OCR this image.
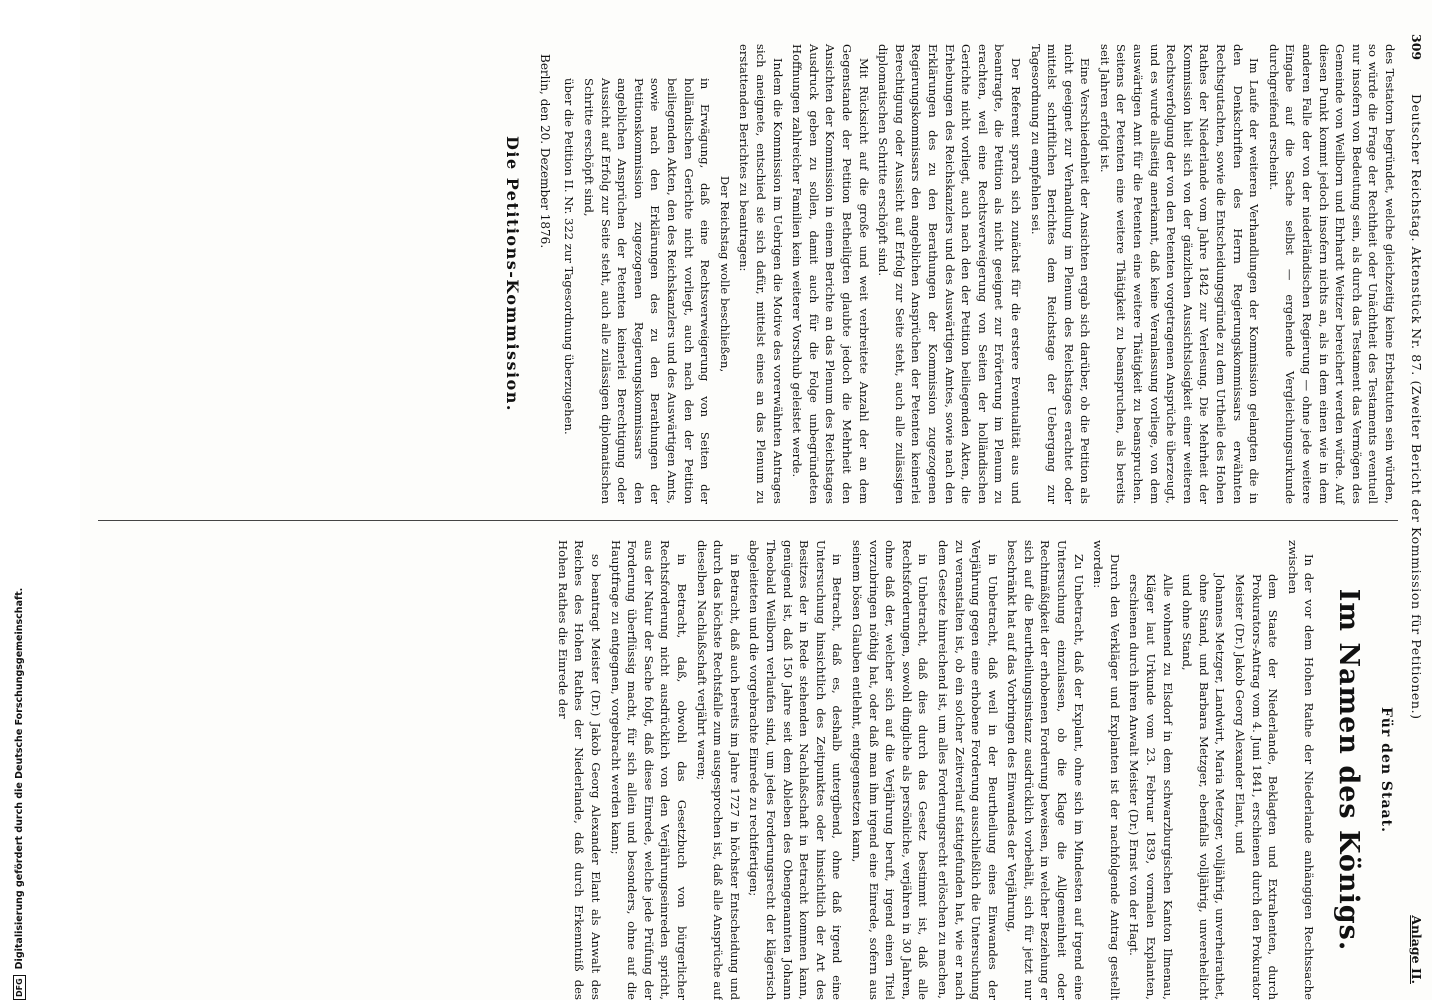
309
Deutscher Reichstag. Aktenstück Nr. 87. (Zweiter Bericht der Kommission für Petitionen.)
Anlage II.

des Testatorn begründet, welche gleichzeitig keine Erbstatuten sein würden, so würde die Frage der Rechtheit oder Unächtheit des Testaments eventuell nur insofern von Bedeutung sein, als durch das Testament das Vermögen des Gemeinde von Weilborn und Ehrhardt Weitzer bereichert werden würde. Auf diesen Punkt kommt jedoch insofern nichts an, als in dem einen wie in dem anderen Falle der von der niederländischen Regierung — ohne jede weitere Eingabe auf die Sache selbst — ergehende Vergleichungsurkunde durchgreifend erscheint.

Im Laufe der weiteren Verhandlungen der Kommission gelangten die in den Denkschriften des Herrn Regierungskommissars erwähnten Rechtsgutachten, sowie die Entscheidungsgründe zu dem Urtheile des Hohen Rathes der Niederlande vom Jahre 1842 zur Verlesung. Die Mehrheit der Kommission hielt sich von der gänzlichen Aussichtslosigkeit einer weiteren Rechtsverfolgung der von den Petenten vorgetragenen Ansprüche überzeugt, und es wurde allseitig anerkannt, daß keine Veranlassung vorliege, von dem auswärtigen Amt für die Petenten eine weitere Thätigkeit zu beanspruchen. Seitens der Petenten eine weitere Thätigkeit zu beanspruchen, als bereits seit Jahren erfolgt ist.

Eine Verschiedenheit der Ansichten ergab sich darüber, ob die Petition als nicht geeignet zur Verhandlung im Plenum des Reichstages erachtet oder mittelst schriftlichen Berichtes dem Reichstage der Uebergang zur Tagesordnung zu empfehlen sei.

Der Referent sprach sich zunächst für die erstere Eventualität aus und beantragte, die Petition als nicht geeignet zur Erörterung im Plenum zu erachten, weil eine Rechtsverweigerung von Seiten der holländischen Gerichte nicht vorliegt, auch nach den der Petition beiliegenden Akten, die Erhebungen des Reichskanzlers und des Auswärtigen Amtes, sowie nach den Erklärungen des zu den Berathungen der Kommission zugezogenen Regierungskommissars den angeblichen Ansprüchen der Petenten keinerlei Berechtigung oder Aussicht auf Erfolg zur Seite steht, auch alle zulässigen diplomatischen Schritte erschöpft sind.

Mit Rücksicht auf die große und weit verbreitete Anzahl der an dem Gegenstande der Petition Betheiligten glaubte jedoch die Mehrheit den Ansichten der Kommission in einem Berichte an das Plenum des Reichstages Ausdruck geben zu sollen, damit auch für die Folge unbegründeten Hoffnungen zahlreicher Familien kein weiterer Vorschub geleistet werde.

Indem die Kommission im Uebrigen die Motive des vorerwähnten Antrages sich aneignete, entschied sie sich dafür, mittelst eines an das Plenum zu erstattenden Berichtes zu beantragen:

Der Reichstag wolle beschließen,

in Erwägung, daß eine Rechtsverweigerung von Seiten der holländischen Gerichte nicht vorliegt, auch nach den der Petition beiliegenden Akten, den des Reichskanzlers und des Auswärtigen Amts, sowie nach den Erklärungen des zu den Berathungen der Petitionskommission zugezogenen Regierungskommissars den angeblichen Ansprüchen der Petenten keinerlei Berechtigung oder Aussicht auf Erfolg zur Seite steht, auch alle zulässigen diplomatischen Schritte erschöpft sind,

über die Petition II. Nr. 322 zur Tagesordnung überzugehen.

Berlin, den 20. Dezember 1876.

Die Petitions-Kommission.

Für den Staat.

Im Namen des Königs.

In der vor dem Hohen Rathe der Niederlande anhängigen Rechtssache zwischen

dem Staate der Niederlande, Beklagten und Extrahenten, durch Prokurators-Antrag vom 4. Juni 1841, erschienen durch den Prokurator Meister (Dr.) Jakob Georg Alexander Elant, und

Johannes Metzger, Landwirt, Maria Metzger, volljährig, unverheirathet, ohne Stand, und Barbara Metzger, ebenfalls volljährig, unverehelicht und ohne Stand,

Alle wohnend zu Elsdorf in dem schwarzburgischen Kanton Ilmenau, Kläger laut Urkunde vom 23. Februar 1839, vormalen Explanten, erschienen durch ihren Anwalt Meister (Dr.) Ernst von der Hagt.

Durch den Verkläger und Explanten ist der nachfolgende Antrag gestellt worden:

Zu Unbetracht, daß der Explant, ohne sich im Mindesten auf irgend eine Untersuchung einzulassen, ob die Klage die Allgemeinheit oder Rechtmäßigkeit der erhobenen Forderung beweisen, in welcher Beziehung er sich auf die Beurtheilungsinstanz ausdrücklich vorbehält, sich für jetzt nur beschränkt hat auf das Vorbringen des Einwandes der Verjährung,

in Unbetracht, daß weil in der Beurtheilung eines Einwandes der Verjährung gegen eine erhobene Forderung ausschließlich die Untersuchung zu veranstalten ist, ob ein solcher Zeitverlauf stattgefunden hat, wie er nach dem Gesetze hinreichend ist, um alles Forderungsrecht erlöschen zu machen,

in Unbetracht, daß dies durch das Gesetz bestimmt ist, daß alle Rechtsforderungen, sowohl dingliche als persönliche, verjähren in 30 Jahren, ohne daß der, welcher sich auf die Verjährung beruft, irgend einen Titel vorzubringen nöthig hat, oder daß man ihm irgend eine Einrede, sofern aus seinem bösen Glauben entlehnt, entgegensetzen kann,

in Betracht, daß es, deshalb untergibend, ohne daß irgend eine Untersuchung hinsichtlich des Zeitpunktes oder hinsichtlich der Art des Besitzes der in Rede stehenden Nachlaßschaft in Betracht kommen kann, genügend ist, daß 150 Jahre seit dem Ableben des Obengenannten Johann Theobald Weilborn verlaufen sind, um jedes Forderungsrecht der klägerisch abgeleiteten und die vorgebrachte Einrede zu rechtfertigen;

in Betracht, daß auch bereits im Jahre 1727 in höchster Entscheidung und durch das höchste Rechtsfalle zum ausgesprochen ist, daß alle Ansprüche auf dieselben Nachlaßschaft verjährt waren;

in Betracht, daß, obwohl das Gesetzbuch von bürgerlicher Rechtsforderung nicht ausdrücklich von den Verjährungseinreden spricht, aus der Natur der Sache folgt, daß diese Einrede, welche jede Prüfung der Forderung überflüssig macht, für sich allein und besonders, ohne auf die Hauptfrage zu entgegnen, vorgebracht werden kann;

so beantragt Meister (Dr.) Jakob Georg Alexander Elant als Anwalt des Reiches des Hohen Rathes der Niederlande, daß durch Erkenntniß des Hohen Rathes die Einrede der

DFGDigitalisierung gefördert durch die Deutsche Forschungsgemeinschaft.
